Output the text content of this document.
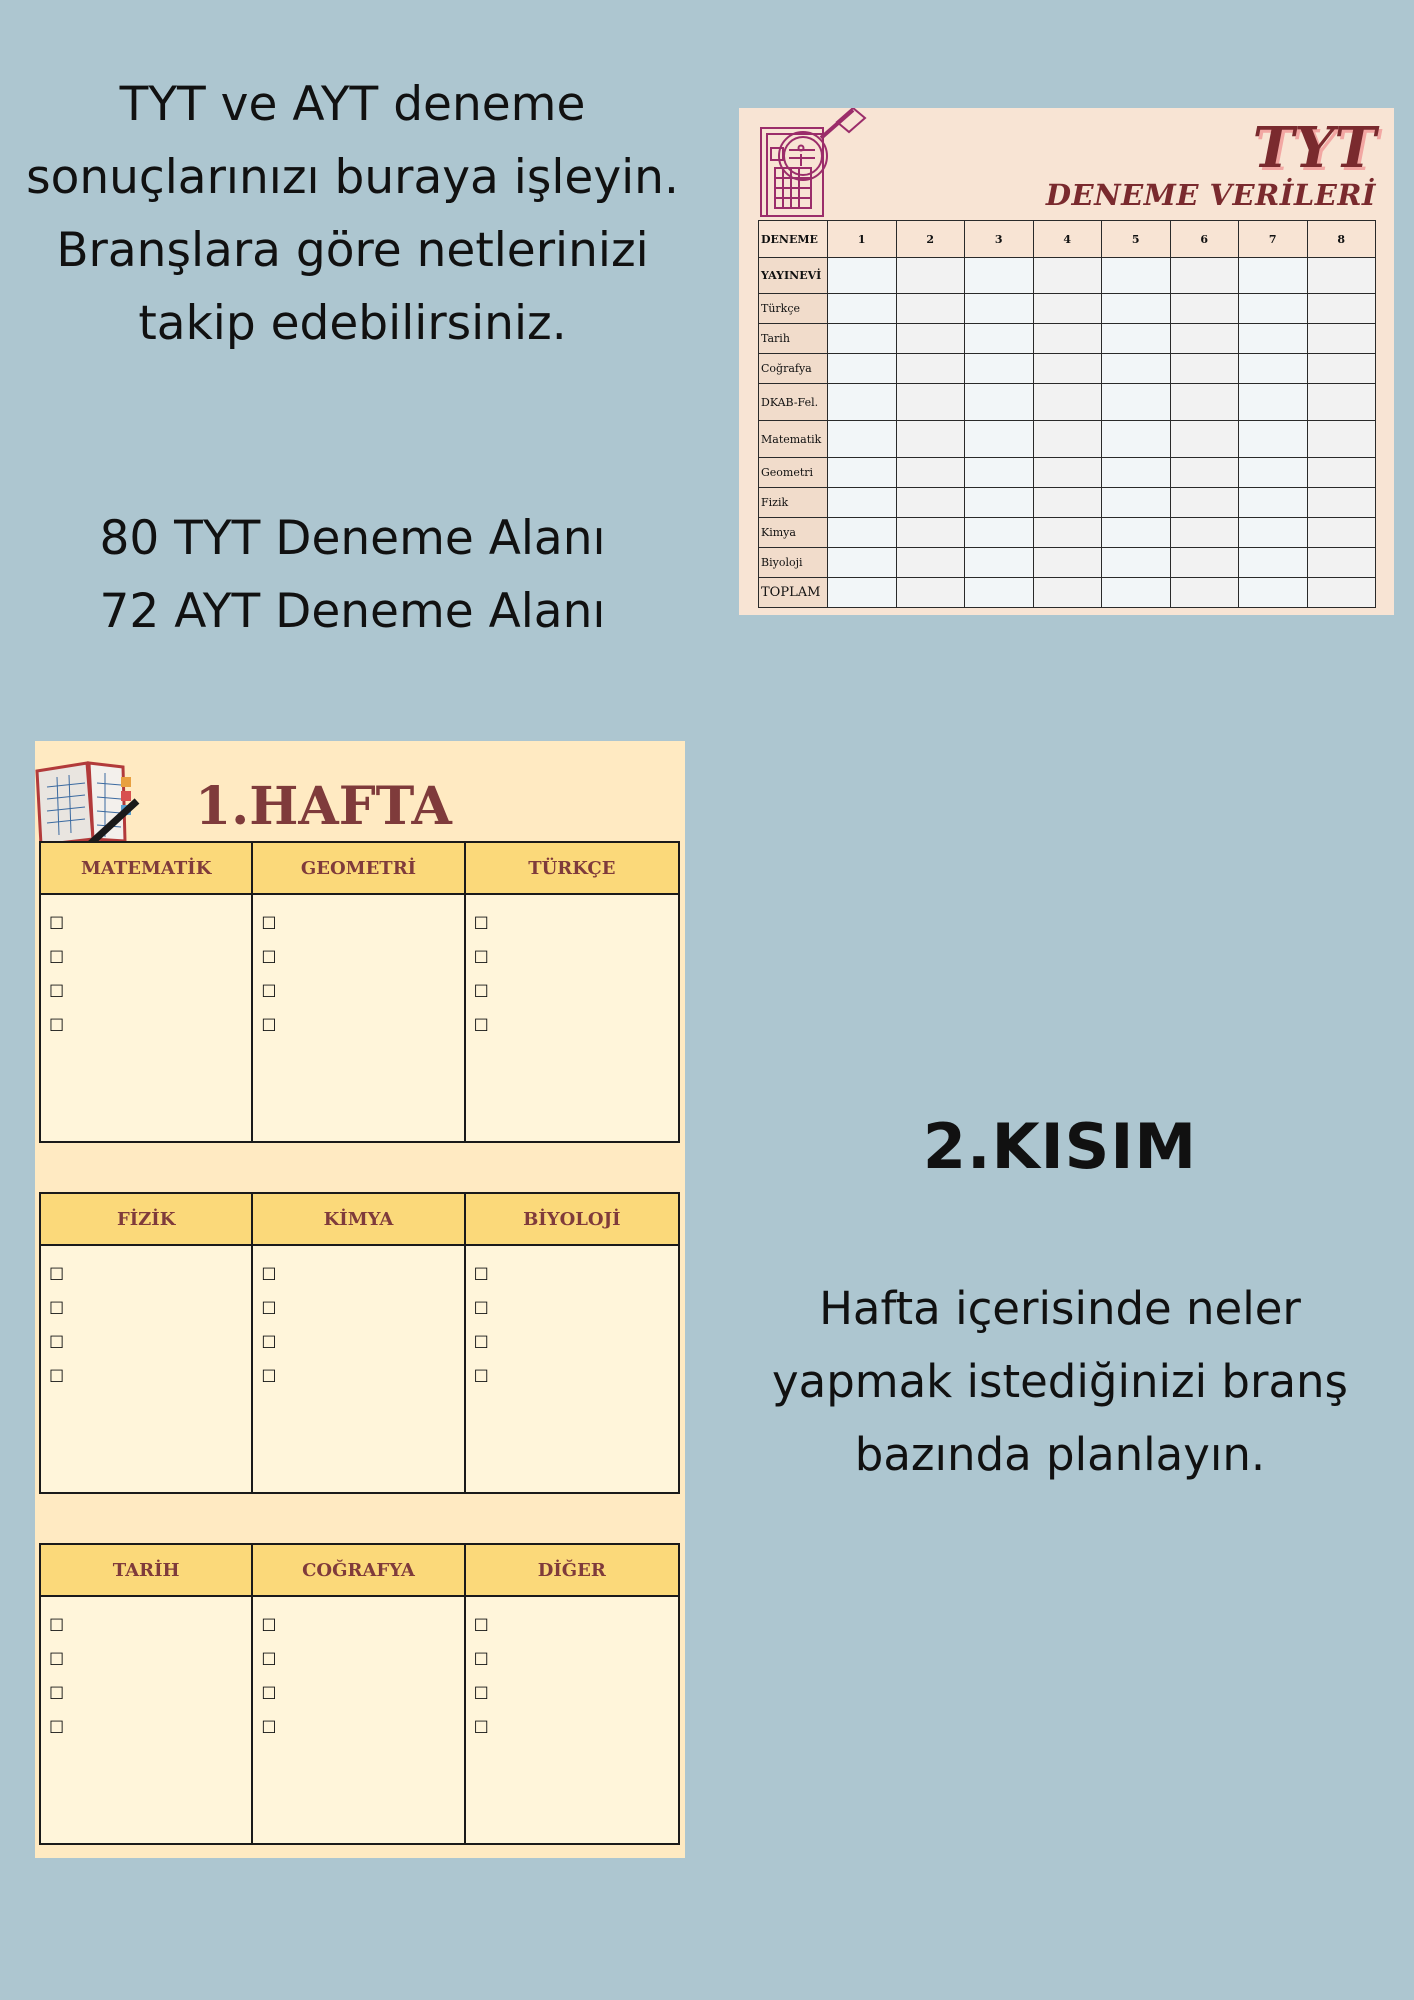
TYT ve AYT deneme
sonuçlarınızı buraya işleyin.
Branşlara göre netlerinizi
takip edebilirsiniz.
80 TYT Deneme Alanı
72 AYT Deneme Alanı
TYT
DENEME VERİLERİ
DENEME	1	2	3	4	5	6	7	8
YAYINEVİ								
Türkçe								
Tarih								
Coğrafya								
DKAB-Fel.								
Matematik								
Geometri								
Fizik								
Kimya								
Biyoloji								
TOPLAM								
1.HAFTA
MATEMATİK
☐
☐
☐
☐
GEOMETRİ
☐
☐
☐
☐
TÜRKÇE
☐
☐
☐
☐
FİZİK
☐
☐
☐
☐
KİMYA
☐
☐
☐
☐
BİYOLOJİ
☐
☐
☐
☐
TARİH
☐
☐
☐
☐
COĞRAFYA
☐
☐
☐
☐
DİĞER
☐
☐
☐
☐
2.KISIM
Hafta içerisinde neler
yapmak istediğinizi branş
bazında planlayın.
